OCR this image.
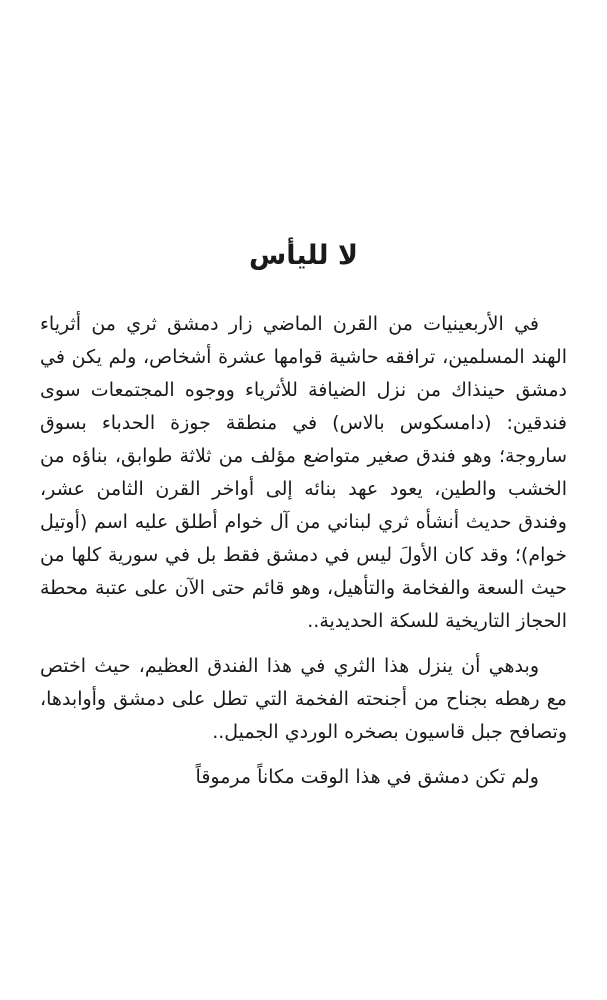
لا لليأس

في الأربعينيات من القرن الماضي زار دمشق ثري من أثرياء الهند المسلمين، ترافقه حاشية قوامها عشرة أشخاص، ولم يكن في دمشق حينذاك من نزل الضيافة للأثرياء ووجوه المجتمعات سوى فندقين: (دامسكوس بالاس) في منطقة جوزة الحدباء بسوق ساروجة؛ وهو فندق صغير متواضع مؤلف من ثلاثة طوابق، بناؤه من الخشب والطين، يعود عهد بنائه إلى أواخر القرن الثامن عشر، وفندق حديث أنشأه ثري لبناني من آل خوام أطلق عليه اسم (أوتيل خوام)؛ وقد كان الأولَ ليس في دمشق فقط بل في سورية كلها من حيث السعة والفخامة والتأهيل، وهو قائم حتى الآن على عتبة محطة الحجاز التاريخية للسكة الحديدية..

وبدهي أن ينزل هذا الثري في هذا الفندق العظيم، حيث اختص مع رهطه بجناح من أجنحته الفخمة التي تطل على دمشق وأوابدها، وتصافح جبل قاسيون بصخره الوردي الجميل..

ولم تكن دمشق في هذا الوقت مكاناً مرموقاً
